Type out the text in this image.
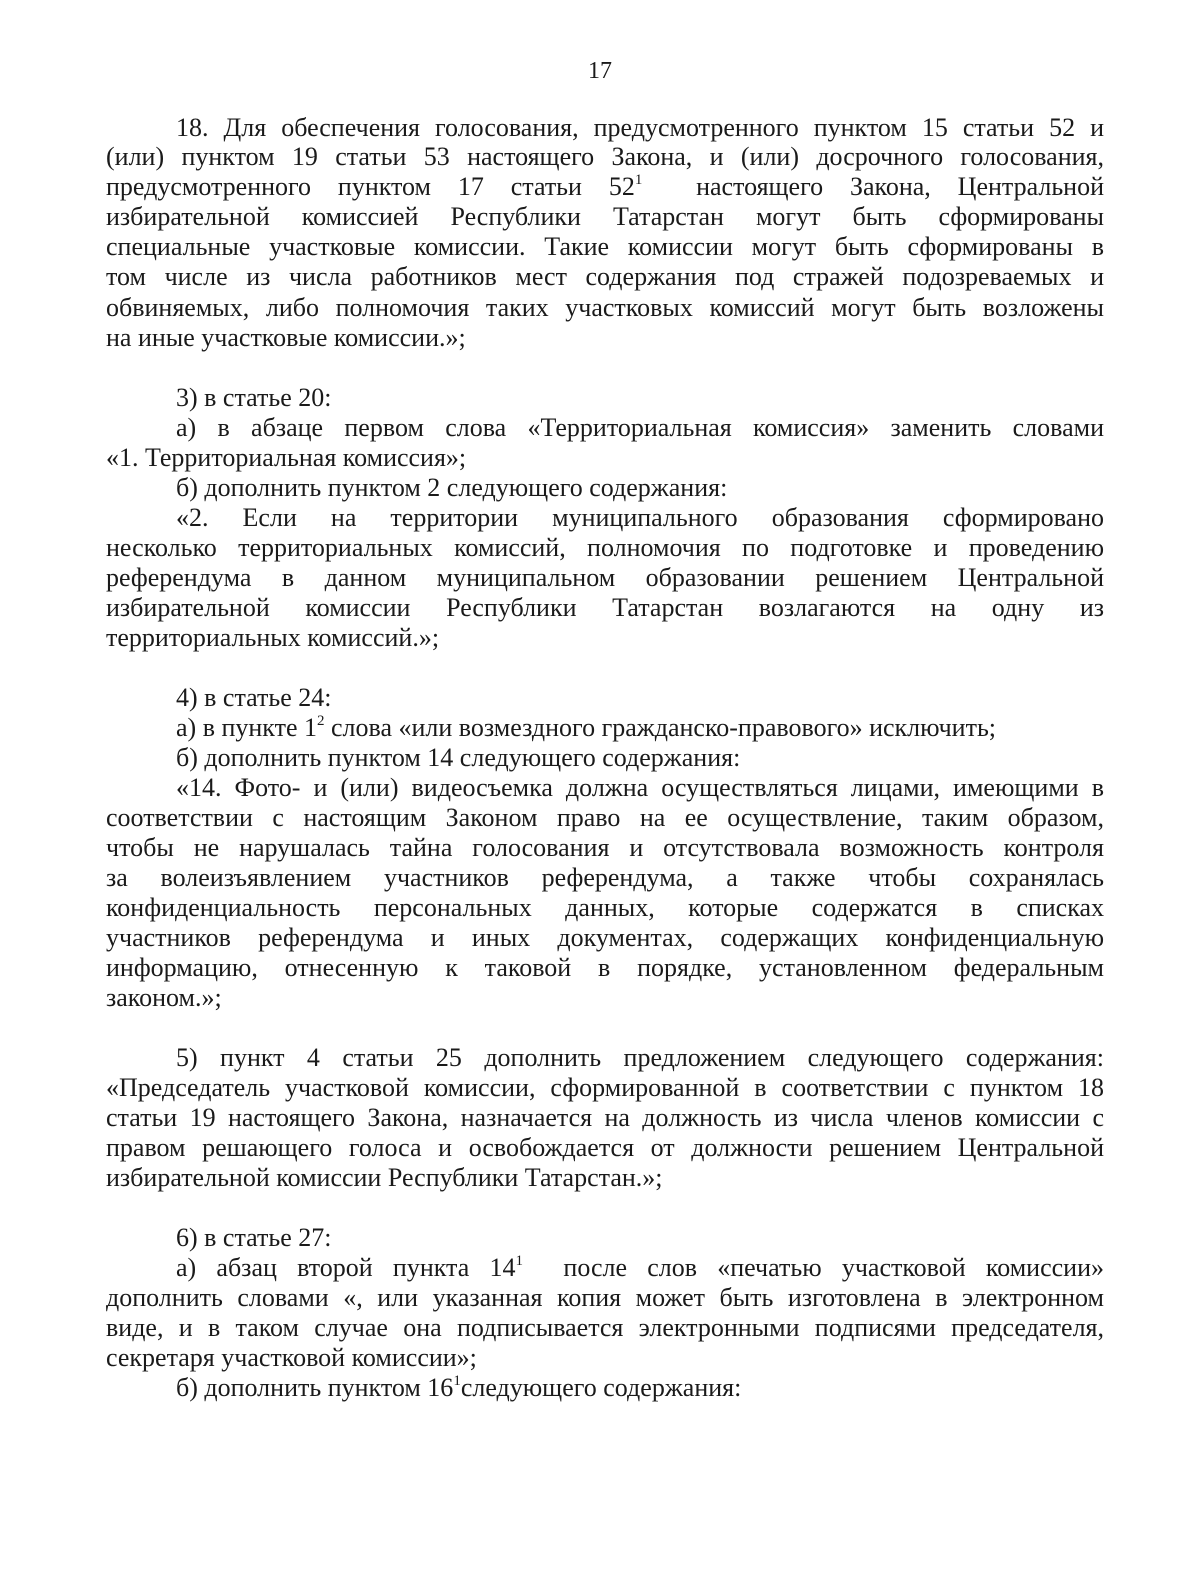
17
18. Для обеспечения голосования, предусмотренного пунктом 15 статьи 52 и
(или) пунктом 19 статьи 53 настоящего Закона, и (или) досрочного голосования,
предусмотренного пунктом 17 статьи $52^1$ настоящего Закона, Центральной
избирательной комиссией Республики Татарстан могут быть сформированы
специальные участковые комиссии. Такие комиссии могут быть сформированы в
том числе из числа работников мест содержания под стражей подозреваемых и
обвиняемых, либо полномочия таких участковых комиссий могут быть возложены
на иные участковые комиссии.»;
3) в статье 20:
а) в абзаце первом слова «Территориальная комиссия» заменить словами
«1. Территориальная комиссия»;
б) дополнить пунктом 2 следующего содержания:
«2. Если на территории муниципального образования сформировано
несколько территориальных комиссий, полномочия по подготовке и проведению
референдума в данном муниципальном образовании решением Центральной
избирательной комиссии Республики Татарстан возлагаются на одну из
территориальных комиссий.»;
4) в статье 24:
а) в пункте $1^2$ слова «или возмездного гражданско-правового» исключить;
б) дополнить пунктом 14 следующего содержания:
«14. Фото- и (или) видеосъемка должна осуществляться лицами, имеющими в
соответствии с настоящим Законом право на ее осуществление, таким образом,
чтобы не нарушалась тайна голосования и отсутствовала возможность контроля
за волеизъявлением участников референдума, а также чтобы сохранялась
конфиденциальность персональных данных, которые содержатся в списках
участников референдума и иных документах, содержащих конфиденциальную
информацию, отнесенную к таковой в порядке, установленном федеральным
законом.»;
5) пункт 4 статьи 25 дополнить предложением следующего содержания:
«Председатель участковой комиссии, сформированной в соответствии с пунктом 18
статьи 19 настоящего Закона, назначается на должность из числа членов комиссии с
правом решающего голоса и освобождается от должности решением Центральной
избирательной комиссии Республики Татарстан.»;
6) в статье 27:
а) абзац второй пункта $14^1$ после слов «печатью участковой комиссии»
дополнить словами «, или указанная копия может быть изготовлена в электронном
виде, и в таком случае она подписывается электронными подписями председателя,
секретаря участковой комиссии»;
б) дополнить пунктом $16^1следующего$ содержания:
